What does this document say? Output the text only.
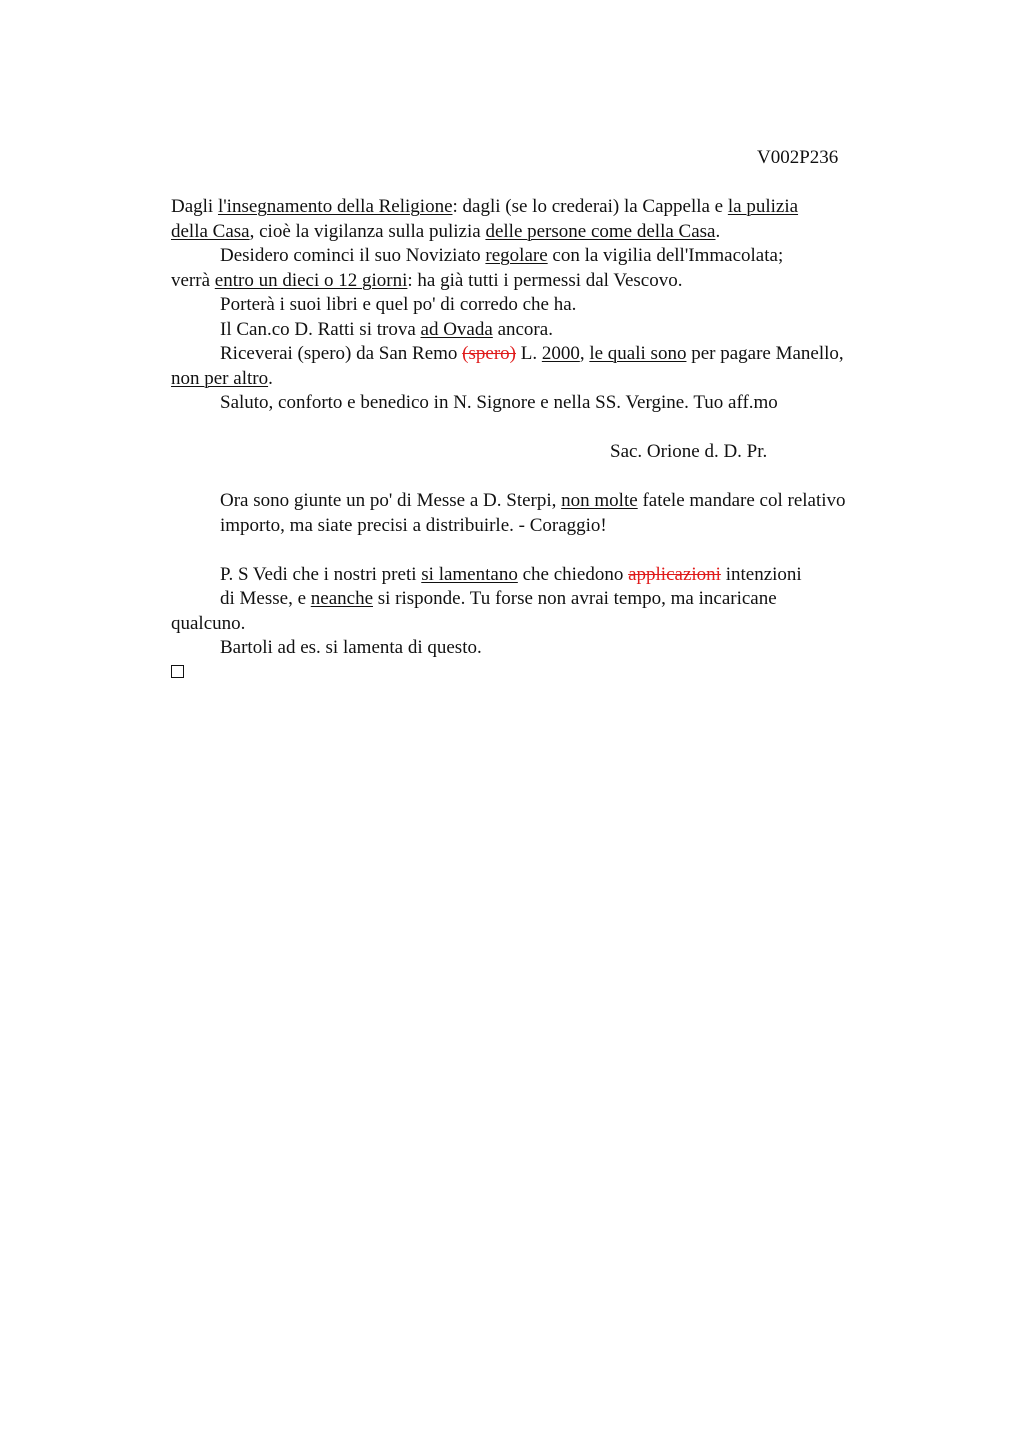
V002P236
Dagli l'insegnamento della Religione: dagli (se lo crederai) la Cappella e la pulizia
della Casa, cioè la vigilanza sulla pulizia delle persone come della Casa.
Desidero cominci il suo Noviziato regolare con la vigilia dell'Immacolata;
verrà entro un dieci o 12 giorni: ha già tutti i permessi dal Vescovo.
Porterà i suoi libri e quel po' di corredo che ha.
Il Can.co D. Ratti si trova ad Ovada ancora.
Riceverai (spero) da San Remo (spero) L. 2000, le quali sono per pagare Manello,
non per altro.
Saluto, conforto e benedico in N. Signore e nella SS. Vergine. Tuo aff.mo
Sac. Orione d. D. Pr.
Ora sono giunte un po' di Messe a D. Sterpi, non molte fatele mandare col relativo
importo, ma siate precisi a distribuirle. - Coraggio!
P. S Vedi che i nostri preti si lamentano che chiedono applicazioni intenzioni
di Messe, e neanche si risponde. Tu forse non avrai tempo, ma incaricane
qualcuno.
Bartoli ad es. si lamenta di questo.
